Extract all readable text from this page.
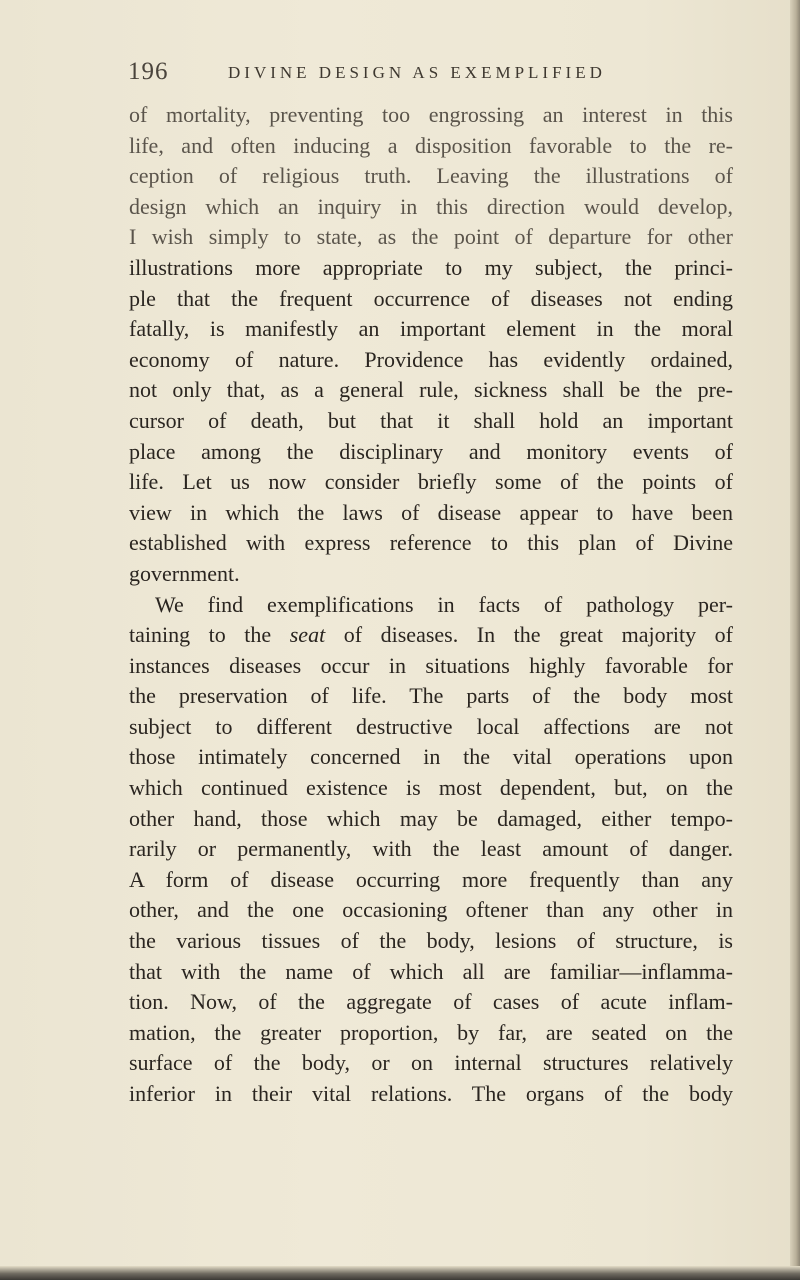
196	DIVINE DESIGN AS EXEMPLIFIED
of mortality, preventing too engrossing an interest in this
life, and often inducing a disposition favorable to the re-
ception of religious truth. Leaving the illustrations of
design which an inquiry in this direction would develop,
I wish simply to state, as the point of departure for other
illustrations more appropriate to my subject, the princi-
ple that the frequent occurrence of diseases not ending
fatally, is manifestly an important element in the moral
economy of nature. Providence has evidently ordained,
not only that, as a general rule, sickness shall be the pre-
cursor of death, but that it shall hold an important
place among the disciplinary and monitory events of
life. Let us now consider briefly some of the points of
view in which the laws of disease appear to have been
established with express reference to this plan of Divine
government.
We find exemplifications in facts of pathology per-
taining to the seat of diseases. In the great majority of
instances diseases occur in situations highly favorable for
the preservation of life. The parts of the body most
subject to different destructive local affections are not
those intimately concerned in the vital operations upon
which continued existence is most dependent, but, on the
other hand, those which may be damaged, either tempo-
rarily or permanently, with the least amount of danger.
A form of disease occurring more frequently than any
other, and the one occasioning oftener than any other in
the various tissues of the body, lesions of structure, is
that with the name of which all are familiar—inflamma-
tion. Now, of the aggregate of cases of acute inflam-
mation, the greater proportion, by far, are seated on the
surface of the body, or on internal structures relatively
inferior in their vital relations. The organs of the body
